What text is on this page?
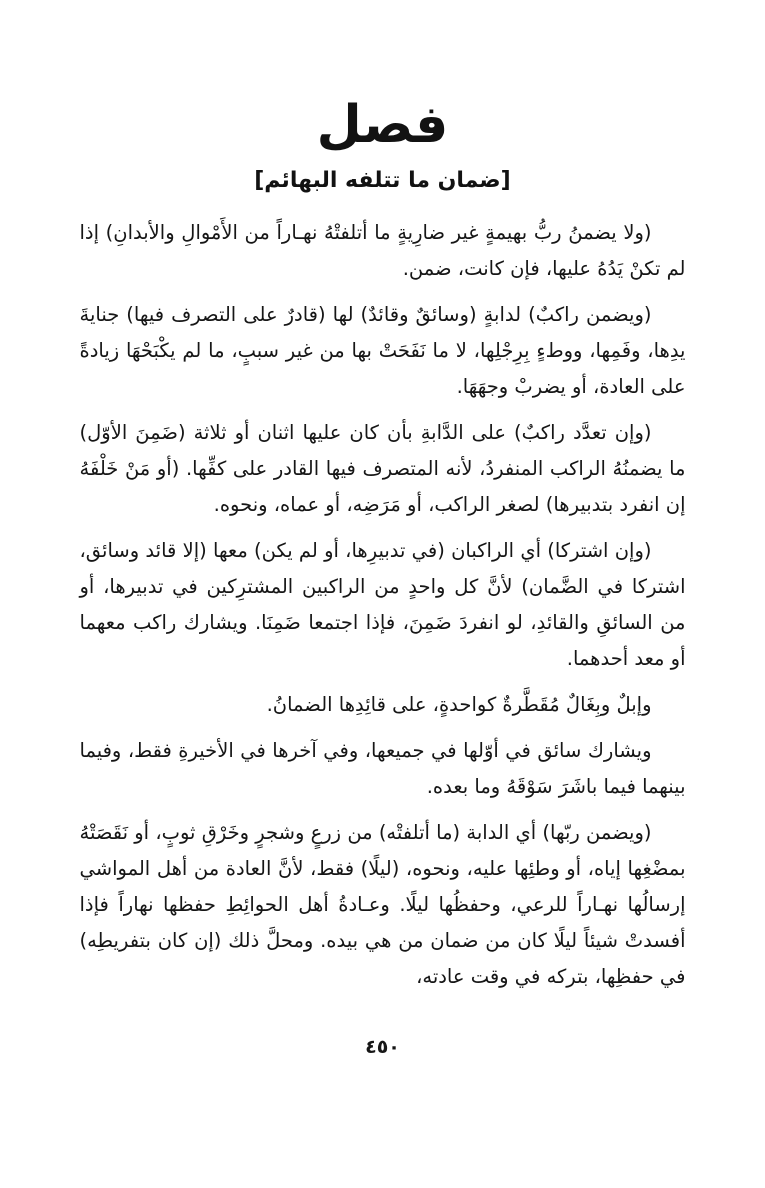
فصل
[ضمان ما تتلفه البهائم]

(ولا يضمنُ ربُّ بهيمةٍ غير ضارِيةٍ ما أتلفتْهُ نهـاراً من الأَمْوالِ والأبدانِ) إذا لم تكنْ يَدُهُ عليها، فإن كانت، ضمن.

(ويضمن راكبٌ) لدابةٍ (وسائقٌ وقائدٌ) لها (قادرٌ على التصرف فيها) جنايةَ يدِها، وفَمِها، ووطءٍ بِرِجْلِها، لا ما نَفَحَتْ بها من غير سببٍ، ما لم يكْبَحْهَا زيادةً على العادة، أو يضربْ وجهَهَا.

(وإن تعدَّد راكبٌ) على الدَّابةِ بأن كان عليها اثنان أو ثلاثة (ضَمِنَ الأوّل) ما يضمنُهُ الراكب المنفردُ، لأنه المتصرف فيها القادر على كفِّها. (أو مَنْ خَلْفَهُ إن انفرد بتدبيرها) لصغر الراكب، أو مَرَضِه، أو عماه، ونحوه.

(وإن اشتركا) أي الراكبان (في تدبيرِها، أو لم يكن) معها (إلا قائد وسائق، اشتركا في الضَّمان) لأنَّ كل واحدٍ من الراكبين المشترِكين في تدبيرها، أو من السائقِ والقائدِ، لو انفردَ ضَمِنَ، فإذا اجتمعا ضَمِنَا. ويشارك راكب معهما أو معد أحدهما.

وإبلٌ وبِغَالٌ مُقَطَّرةٌ كواحدةٍ، على قائِدِها الضمانُ.

ويشارك سائق في أوّلها في جميعها، وفي آخرها في الأخيرةِ فقط، وفيما بينهما فيما باشَرَ سَوْقَهُ وما بعده.

(ويضمن ربّها) أي الدابة (ما أتلفتْه) من زرعٍ وشجرٍ وخَرْقِ ثوبٍ، أو نَقَصَتْهُ بمضْغِها إياه، أو وطئِها عليه، ونحوه، (ليلًا) فقط، لأنَّ العادة من أهل المواشي إرسالُها نهـاراً للرعي، وحفظُها ليلًا. وعـادةُ أهل الحوائِطِ حفظها نهاراً فإذا أفسدتْ شيئاً ليلًا كان من ضمان من هي بيده. ومحلَّ ذلك (إن كان بتفريطِه) في حفظِها، بتركه في وقت عادته،

٤٥٠
